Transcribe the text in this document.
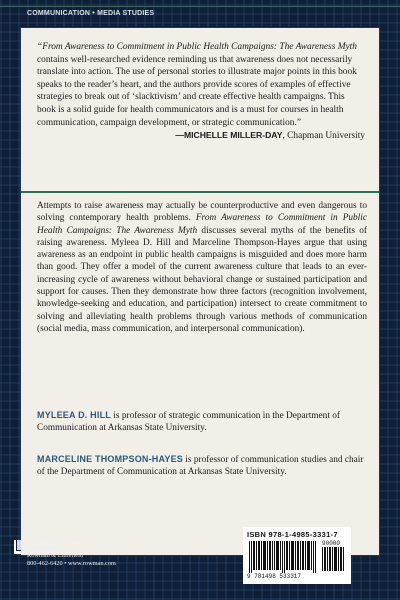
COMMUNICATION • MEDIA STUDIES
“From Awareness to Commitment in Public Health Campaigns: The Awareness Myth contains well-researched evidence reminding us that awareness does not necessarily translate into action. The use of personal stories to illustrate major points in this book speaks to the reader’s heart, and the authors provide scores of examples of effective strategies to break out of ‘slacktivism’ and create effective health campaigns. This book is a solid guide for health communicators and is a must for courses in health communication, campaign development, or strategic communication.”
—MICHELLE MILLER-DAY, Chapman University
Attempts to raise awareness may actually be counterproductive and even dangerous to solving contemporary health problems. From Awareness to Commitment in Public Health Campaigns: The Awareness Myth discusses several myths of the benefits of raising awareness. Myleea D. Hill and Marceline Thompson-Hayes argue that using awareness as an endpoint in public health campaigns is misguided and does more harm than good. They offer a model of the current awareness culture that leads to an ever-increasing cycle of awareness without behavioral change or sustained participation and support for causes. Then they demonstrate how three factors (recognition involvement, knowledge-seeking and education, and participation) intersect to create commitment to solving and alleviating health problems through various methods of communication (social media, mass communication, and interpersonal communication).
MYLEEA D. HILL is professor of strategic communication in the Department of Communication at Arkansas State University.
MARCELINE THOMPSON-HAYES is professor of communication studies and chair of the Department of Communication at Arkansas State University.
LEXINGTON BOOKS
An imprint of
Rowman & Littlefield
800-462-6420 • www.rowman.com
ISBN 978-1-4985-3331-7
90000
9 781498 533317
